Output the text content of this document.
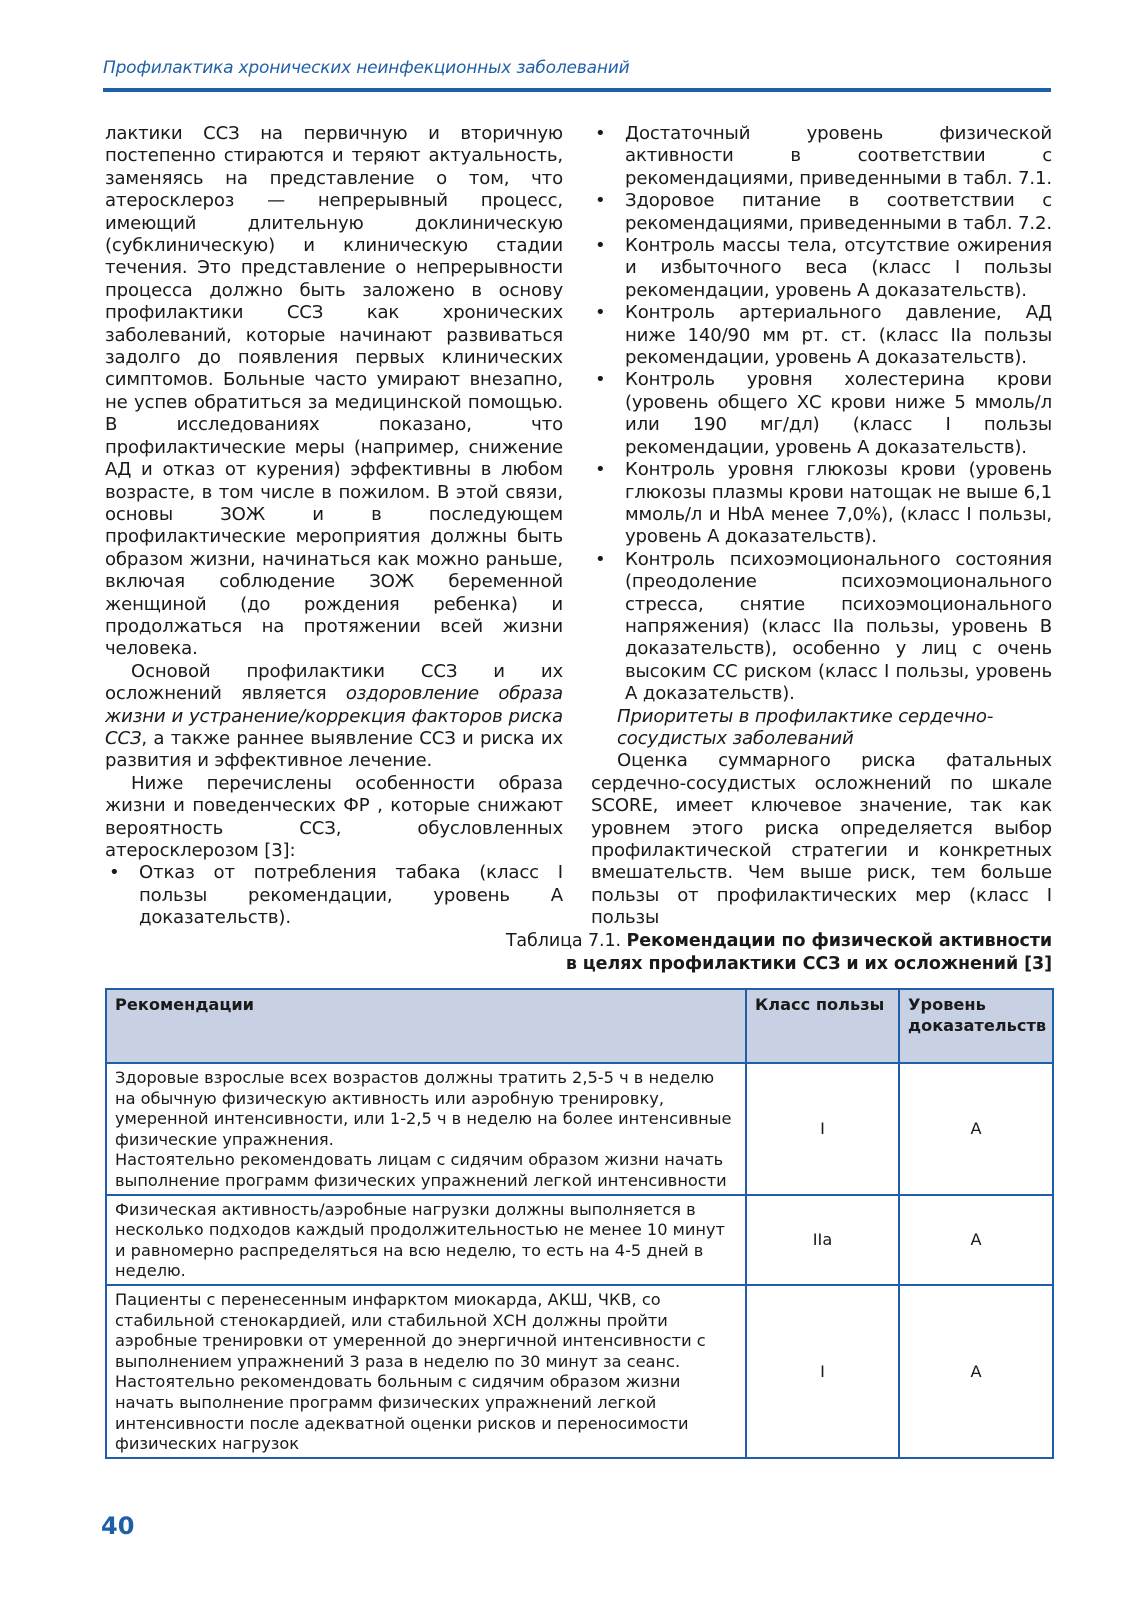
Профилактика хронических неинфекционных заболеваний

лактики ССЗ на первичную и вторичную постепенно стираются и теряют актуальность, заменяясь на представление о том, что атеросклероз — непрерывный процесс, имеющий длительную доклиническую (субклиническую) и клиническую стадии течения. Это представление о непрерывности процесса должно быть заложено в основу профилактики ССЗ как хронических заболеваний, которые начинают развиваться задолго до появления первых клинических симптомов. Больные часто умирают внезапно, не успев обратиться за медицинской помощью. В исследованиях показано, что профилактические меры (например, снижение АД и отказ от курения) эффективны в любом возрасте, в том числе в пожилом. В этой связи, основы ЗОЖ и в последующем профилактические мероприятия должны быть образом жизни, начинаться как можно раньше, включая соблюдение ЗОЖ беременной женщиной (до рождения ребенка) и продолжаться на протяжении всей жизни человека.

Основой профилактики ССЗ и их осложнений является оздоровление образа жизни и устранение/коррекция факторов риска ССЗ, а также раннее выявление ССЗ и риска их развития и эффективное лечение.

Ниже перечислены особенности образа жизни и поведенческих ФР , которые снижают вероятность ССЗ, обусловленных атеросклерозом [3]:

• Отказ от потребления табака (класс I пользы рекомендации, уровень А доказательств).
• Достаточный уровень физической активности в соответствии с рекомендациями, приведенными в табл. 7.1.
• Здоровое питание в соответствии с рекомендациями, приведенными в табл. 7.2.
• Контроль массы тела, отсутствие ожирения и избыточного веса (класс I пользы рекомендации, уровень А доказательств).
• Контроль артериального давление, АД ниже 140/90 мм рт. ст. (класс IIa пользы рекомендации, уровень А доказательств).
• Контроль уровня холестерина крови (уровень общего ХС крови ниже 5 ммоль/л или 190 мг/дл) (класс I пользы рекомендации, уровень А доказательств).
• Контроль уровня глюкозы крови (уровень глюкозы плазмы крови натощак не выше 6,1 ммоль/л и HbA менее 7,0%), (класс I пользы, уровень А доказательств).
• Контроль психоэмоционального состояния (преодоление психоэмоционального стресса, снятие психоэмоционального напряжения) (класс IIa пользы, уровень B доказательств), особенно у лиц с очень высоким СС риском (класс I пользы, уровень А доказательств).

Приоритеты в профилактике сердечно-сосудистых заболеваний

Оценка суммарного риска фатальных сердечно-сосудистых осложнений по шкале SCORE, имеет ключевое значение, так как уровнем этого риска определяется выбор профилактической стратегии и конкретных вмешательств. Чем выше риск, тем больше пользы от профилактических мер (класс I пользы

Таблица 7.1. Рекомендации по физической активности
в целях профилактики ССЗ и их осложнений [3]
Рекомендации	Класс пользы	Уровень доказательств
Здоровые взрослые всех возрастов должны тратить 2,5-5 ч в неделю на обычную физическую активность или аэробную тренировку, умеренной интенсивности, или 1-2,5 ч в неделю на более интенсивные физические упражнения.
Настоятельно рекомендовать лицам с сидячим образом жизни начать выполнение программ физических упражнений легкой интенсивности	I	A
Физическая активность/аэробные нагрузки должны выполняется в несколько подходов каждый продолжительностью не менее 10 минут и равномерно распределяться на всю неделю, то есть на 4-5 дней в неделю.	IIa	A
Пациенты с перенесенным инфарктом миокарда, АКШ, ЧКВ, со стабильной стенокардией, или стабильной ХСН должны пройти аэробные тренировки от умеренной до энергичной интенсивности с выполнением упражнений 3 раза в неделю по 30 минут за сеанс.
Настоятельно рекомендовать больным с сидячим образом жизни начать выполнение программ физических упражнений легкой интенсивности после адекватной оценки рисков и переносимости физических нагрузок	I	A
40
